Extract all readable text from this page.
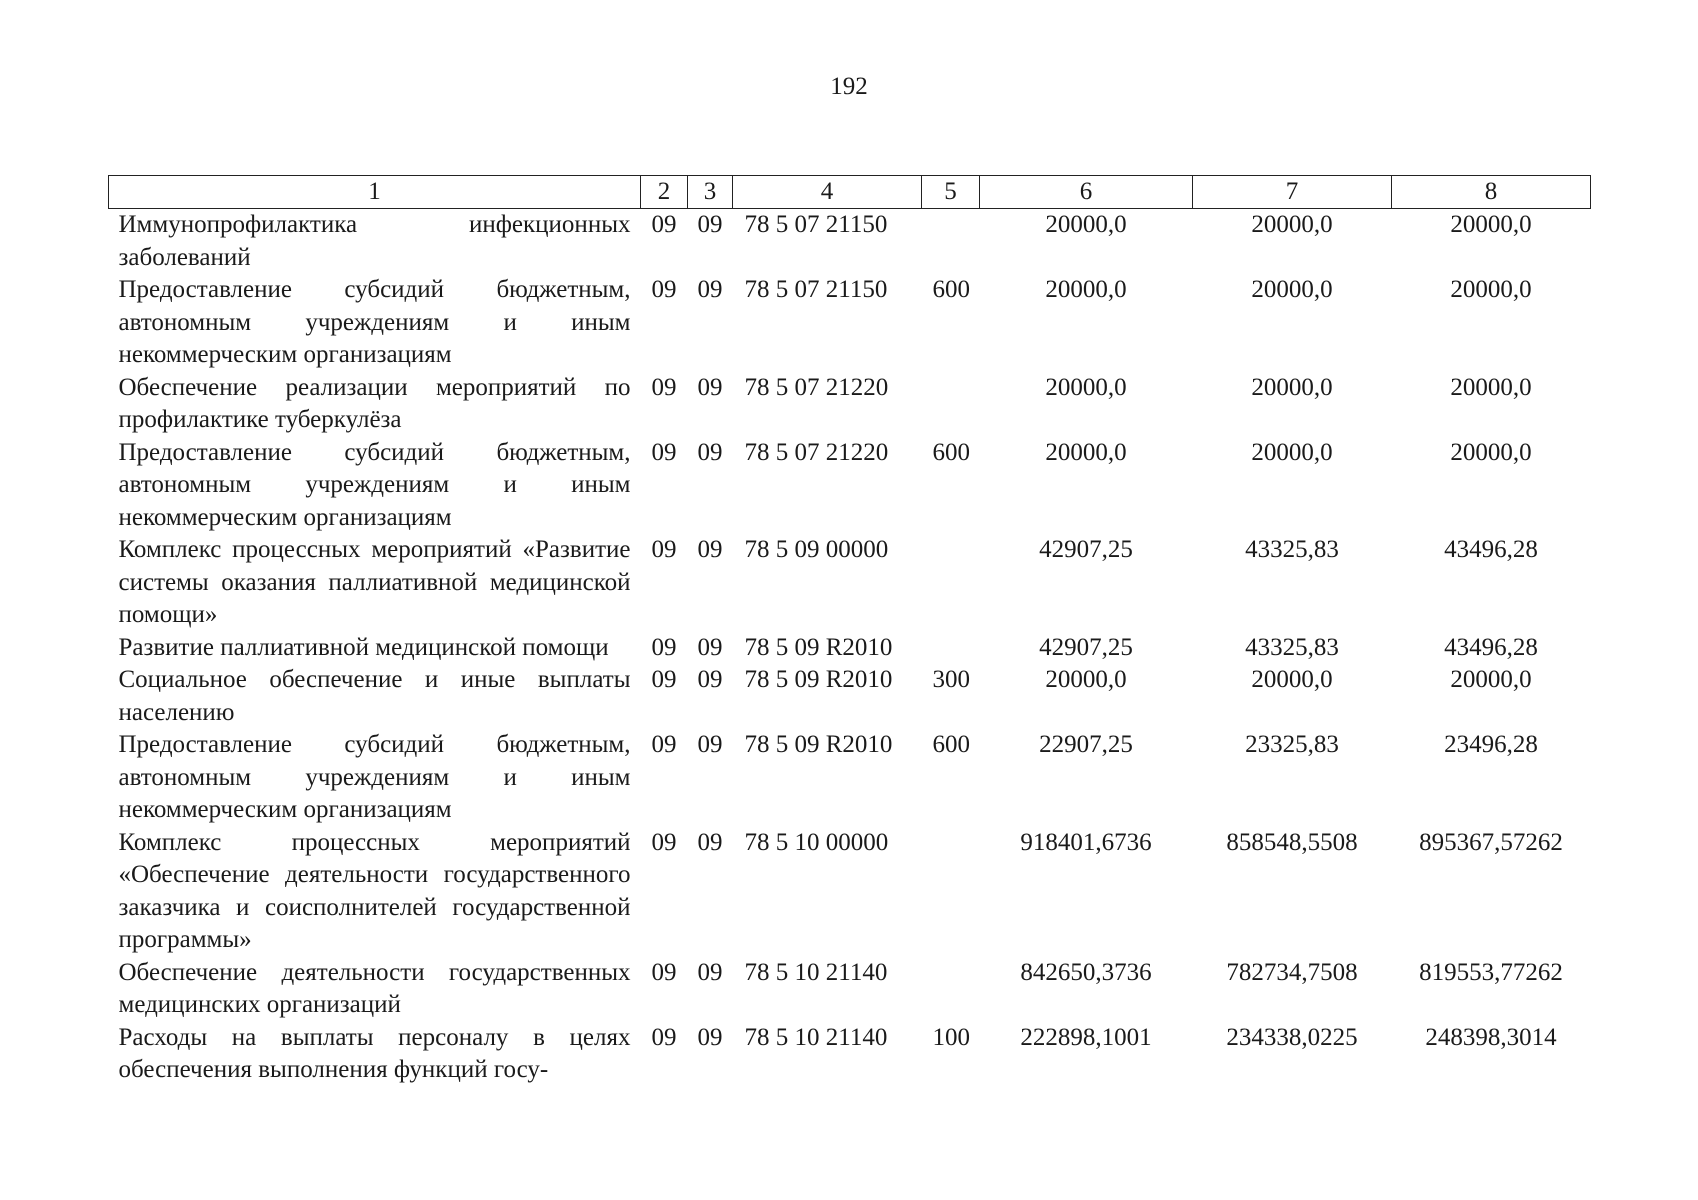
192
1	2	3	4	5	6	7	8
Иммунопрофилактика инфекционных заболеваний	09	09	78 5 07 21150		20000,0	20000,0	20000,0
Предоставление субсидий бюджетным, автономным учреждениям и иным некоммерческим организациям	09	09	78 5 07 21150	600	20000,0	20000,0	20000,0
Обеспечение реализации мероприятий по профилактике туберкулёза	09	09	78 5 07 21220		20000,0	20000,0	20000,0
Предоставление субсидий бюджетным, автономным учреждениям и иным некоммерческим организациям	09	09	78 5 07 21220	600	20000,0	20000,0	20000,0
Комплекс процессных мероприятий «Развитие системы оказания паллиативной медицинской помощи»	09	09	78 5 09 00000		42907,25	43325,83	43496,28
Развитие паллиативной медицинской помощи	09	09	78 5 09 R2010		42907,25	43325,83	43496,28
Социальное обеспечение и иные выплаты населению	09	09	78 5 09 R2010	300	20000,0	20000,0	20000,0
Предоставление субсидий бюджетным, автономным учреждениям и иным некоммерческим организациям	09	09	78 5 09 R2010	600	22907,25	23325,83	23496,28
Комплекс процессных мероприятий «Обеспечение деятельности государственного заказчика и соисполнителей государственной программы»	09	09	78 5 10 00000		918401,6736	858548,5508	895367,57262
Обеспечение деятельности государственных медицинских организаций	09	09	78 5 10 21140		842650,3736	782734,7508	819553,77262
Расходы на выплаты персоналу в целях обеспечения выполнения функций госу-	09	09	78 5 10 21140	100	222898,1001	234338,0225	248398,3014
